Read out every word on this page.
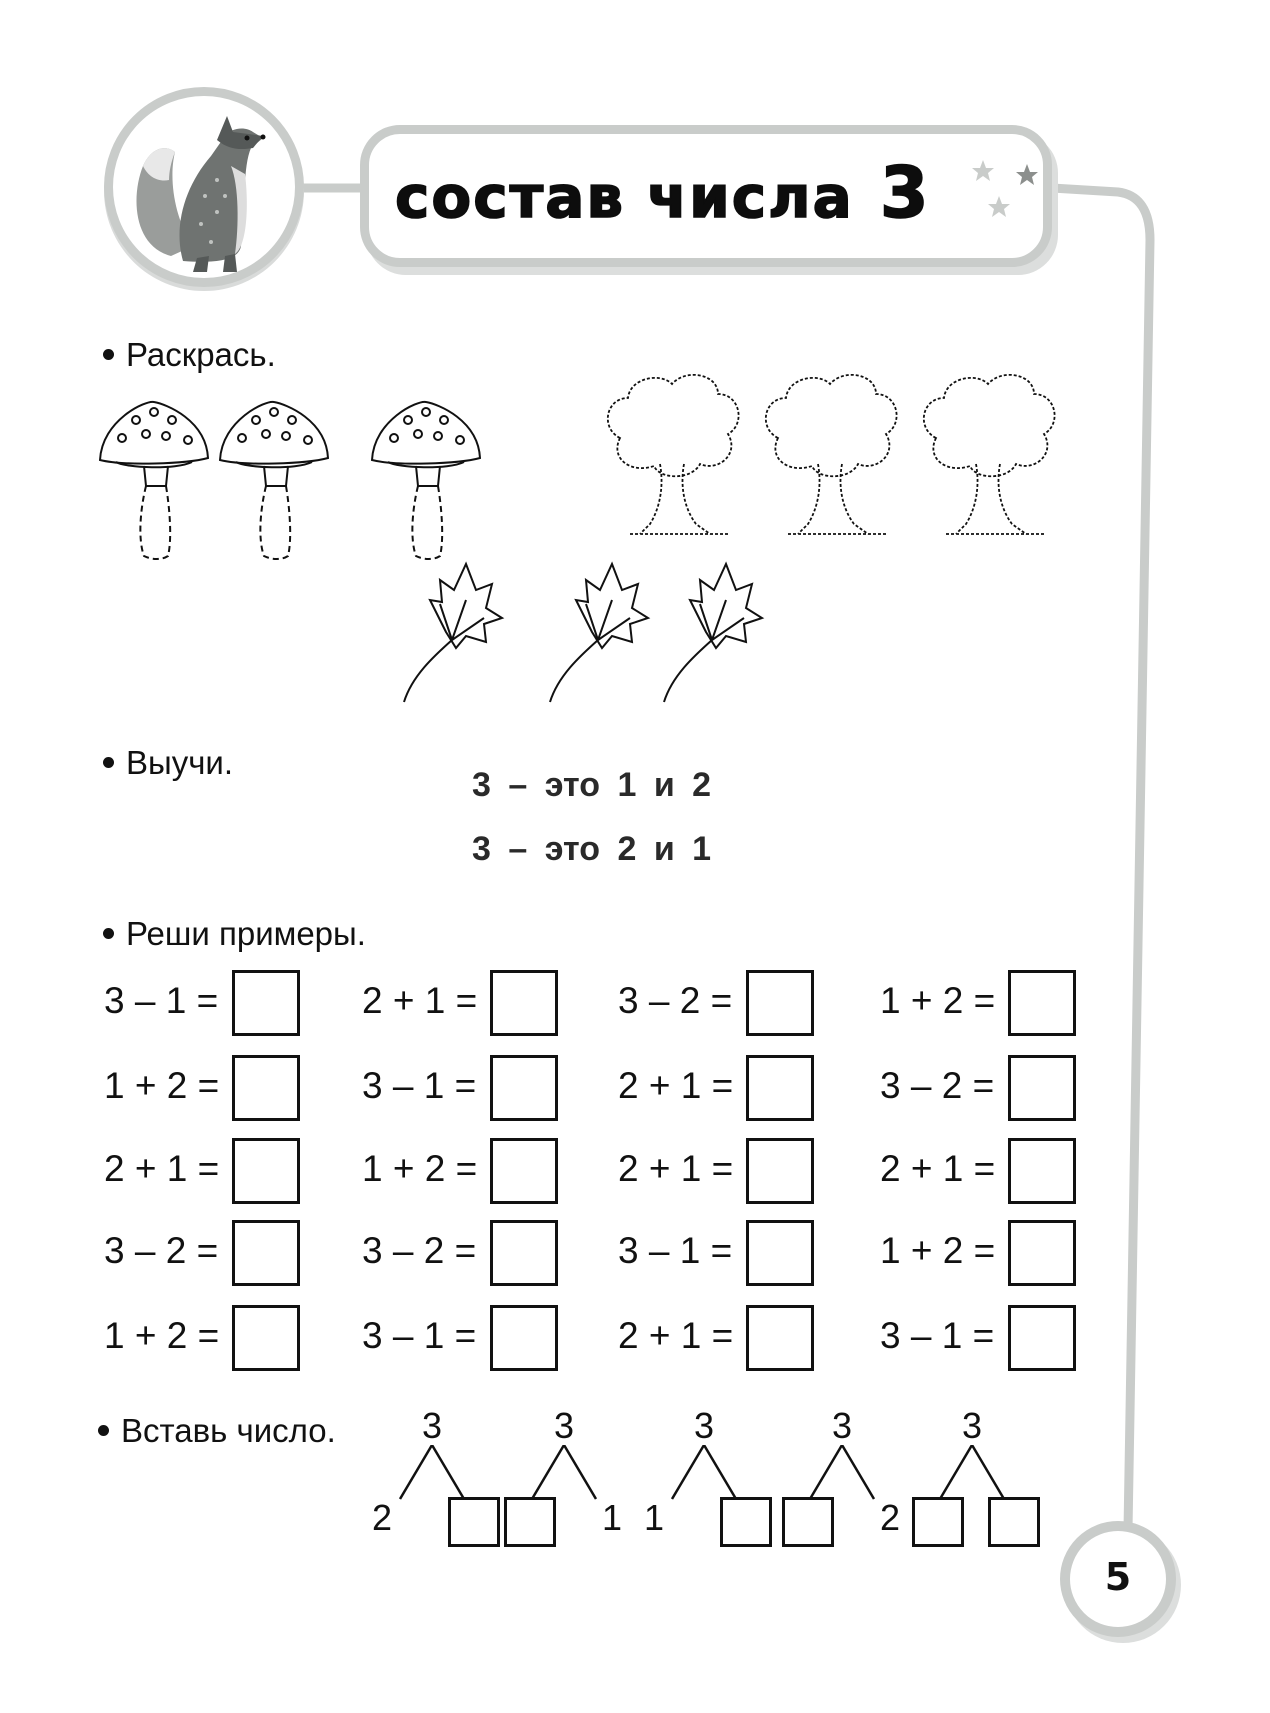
состав числа 3
Раскрась.
Выучи.
3 – это 1 и 2
3 – это 2 и 1
Реши примеры.
3 – 1 =	2 + 1 =	3 – 2 =	1 + 2 =
1 + 2 =	3 – 1 =	2 + 1 =	3 – 2 =
2 + 1 =	1 + 2 =	2 + 1 =	2 + 1 =
3 – 2 =	3 – 2 =	3 – 1 =	1 + 2 =
1 + 2 =	3 – 1 =	2 + 1 =	3 – 1 =
Вставь число. 3
2
3
1
3
1
3
2
3
5
